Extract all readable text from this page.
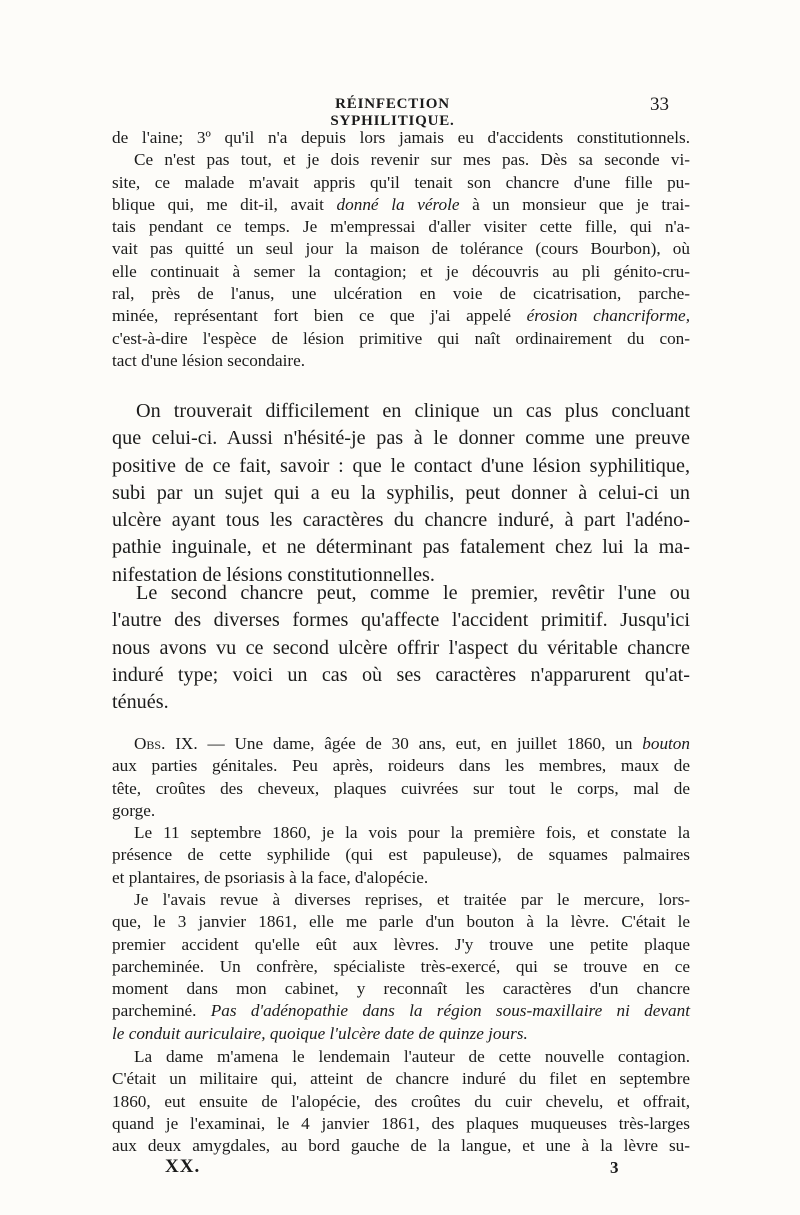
RÉINFECTION SYPHILITIQUE.
33
de l'aine; 3º qu'il n'a depuis lors jamais eu d'accidents constitutionnels.
Ce n'est pas tout, et je dois revenir sur mes pas. Dès sa seconde vi-
site, ce malade m'avait appris qu'il tenait son chancre d'une fille pu-
blique qui, me dit-il, avait donné la vérole à un monsieur que je trai-
tais pendant ce temps. Je m'empressai d'aller visiter cette fille, qui n'a-
vait pas quitté un seul jour la maison de tolérance (cours Bourbon), où
elle continuait à semer la contagion; et je découvris au pli génito-cru-
ral, près de l'anus, une ulcération en voie de cicatrisation, parche-
minée, représentant fort bien ce que j'ai appelé érosion chancriforme,
c'est-à-dire l'espèce de lésion primitive qui naît ordinairement du con-
tact d'une lésion secondaire.
On trouverait difficilement en clinique un cas plus concluant
que celui-ci. Aussi n'hésité-je pas à le donner comme une preuve
positive de ce fait, savoir : que le contact d'une lésion syphilitique,
subi par un sujet qui a eu la syphilis, peut donner à celui-ci un
ulcère ayant tous les caractères du chancre induré, à part l'adéno-
pathie inguinale, et ne déterminant pas fatalement chez lui la ma-
nifestation de lésions constitutionnelles.
Le second chancre peut, comme le premier, revêtir l'une ou
l'autre des diverses formes qu'affecte l'accident primitif. Jusqu'ici
nous avons vu ce second ulcère offrir l'aspect du véritable chancre
induré type; voici un cas où ses caractères n'apparurent qu'at-
ténués.
Obs. IX. — Une dame, âgée de 30 ans, eut, en juillet 1860, un bouton
aux parties génitales. Peu après, roideurs dans les membres, maux de
tête, croûtes des cheveux, plaques cuivrées sur tout le corps, mal de
gorge.
Le 11 septembre 1860, je la vois pour la première fois, et constate la
présence de cette syphilide (qui est papuleuse), de squames palmaires
et plantaires, de psoriasis à la face, d'alopécie.
Je l'avais revue à diverses reprises, et traitée par le mercure, lors-
que, le 3 janvier 1861, elle me parle d'un bouton à la lèvre. C'était le
premier accident qu'elle eût aux lèvres. J'y trouve une petite plaque
parcheminée. Un confrère, spécialiste très-exercé, qui se trouve en ce
moment dans mon cabinet, y reconnaît les caractères d'un chancre
parcheminé. Pas d'adénopathie dans la région sous-maxillaire ni devant
le conduit auriculaire, quoique l'ulcère date de quinze jours.
La dame m'amena le lendemain l'auteur de cette nouvelle contagion.
C'était un militaire qui, atteint de chancre induré du filet en septembre
1860, eut ensuite de l'alopécie, des croûtes du cuir chevelu, et offrait,
quand je l'examinai, le 4 janvier 1861, des plaques muqueuses très-larges
aux deux amygdales, au bord gauche de la langue, et une à la lèvre su-
XX.	3
